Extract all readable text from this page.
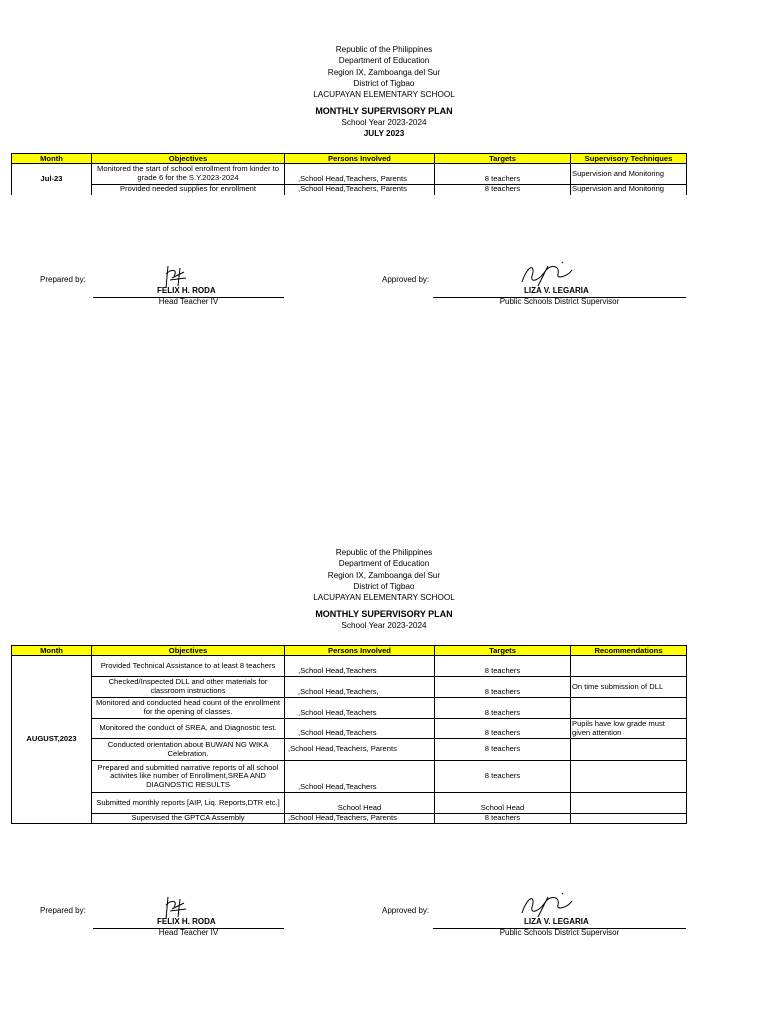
Republic of the Philippines
Department of Education
Region IX, Zamboanga del Sur
District of Tigbao
LACUPAYAN ELEMENTARY SCHOOL
MONTHLY SUPERVISORY PLAN
School Year 2023-2024
JULY 2023
Month	Objectives	Persons Involved	Targets	Supervisory Techniques
Jul-23	Monitored the start of school enrollment from kinder to grade 6 for the S.Y.2023-2024	,School Head,Teachers, Parents	8 teachers	Supervision and Monitoring
	Provided needed supplies for enrollment	,School Head,Teachers, Parents	8 teachers	Supervision and Monitoring
Prepared by:
FELIX H. RODA
Head Teacher IV
Approved by:
LIZA V. LEGARIA
Public Schools District Supervisor
Republic of the Philippines
Department of Education
Region IX, Zamboanga del Sur
District of Tigbao
LACUPAYAN ELEMENTARY SCHOOL
MONTHLY SUPERVISORY PLAN
School Year 2023-2024
Month	Objectives	Persons Involved	Targets	Recommendations
AUGUST,2023	Provided Technical Assistance to at least 8 teachers	,School Head,Teachers	8 teachers	
	Checked/Inspected DLL and other materials for classroom instructions	,School Head,Teachers,	8 teachers	On time submission of DLL
	Monitored and conducted head count of the enrollment for the opening of classes.	,School Head,Teachers	8 teachers	
	Monitored the conduct of SREA, and Diagnostic test.	,School Head,Teachers	8 teachers	Pupils have low grade must given attention
	Conducted orientation about BUWAN NG WIKA Celebration.	,School Head,Teachers, Parents	8 teachers	
	Prepared and submitted narrative reports of all school activites like number of Enrollment,SREA AND DIAGNOSTIC RESULTS	,School Head,Teachers	8 teachers	
	Submitted monthly reports [AIP, Liq. Reports,DTR etc.]	School Head	School Head	
	Supervised the GPTCA Assembly	,School Head,Teachers, Parents	8 teachers	
Prepared by:
FELIX H. RODA
Head Teacher IV
Approved by:
LIZA V. LEGARIA
Public Schools District Supervisor
